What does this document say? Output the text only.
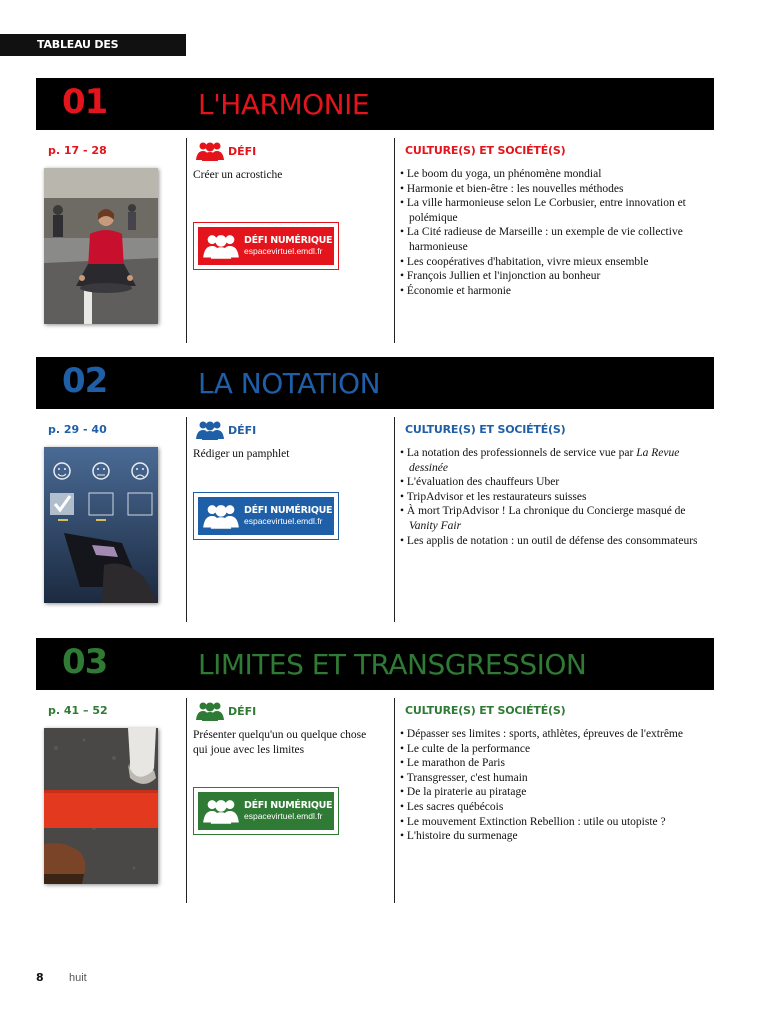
TABLEAU DES CONTENUS
01	L'HARMONIE
p. 17 - 28	DÉFI
Créer un acrostiche
DÉFI NUMÉRIQUE
espacevirtuel.emdl.fr
CULTURE(S) ET SOCIÉTÉ(S)
• Le boom du yoga, un phénomène mondial
• Harmonie et bien-être : les nouvelles méthodes
• La ville harmonieuse selon Le Corbusier, entre innovation et polémique
• La Cité radieuse de Marseille : un exemple de vie collective harmonieuse
• Les coopératives d'habitation, vivre mieux ensemble
• François Jullien et l'injonction au bonheur
• Économie et harmonie
02	LA NOTATION
p. 29 - 40	DÉFI
Rédiger un pamphlet
DÉFI NUMÉRIQUE
espacevirtuel.emdl.fr
CULTURE(S) ET SOCIÉTÉ(S)
• La notation des professionnels de service vue par La Revue dessinée
• L'évaluation des chauffeurs Uber
• TripAdvisor et les restaurateurs suisses
• À mort TripAdvisor ! La chronique du Concierge masqué de Vanity Fair
• Les applis de notation : un outil de défense des consommateurs
03	LIMITES ET TRANSGRESSION
p. 41 – 52	DÉFI
Présenter quelqu'un ou quelque chose qui joue avec les limites
DÉFI NUMÉRIQUE
espacevirtuel.emdl.fr
CULTURE(S) ET SOCIÉTÉ(S)
• Dépasser ses limites : sports, athlètes, épreuves de l'extrême
• Le culte de la performance
• Le marathon de Paris
• Transgresser, c'est humain
• De la piraterie au piratage
• Les sacres québécois
• Le mouvement Extinction Rebellion : utile ou utopiste ?
• L'histoire du surmenage
8 huit
